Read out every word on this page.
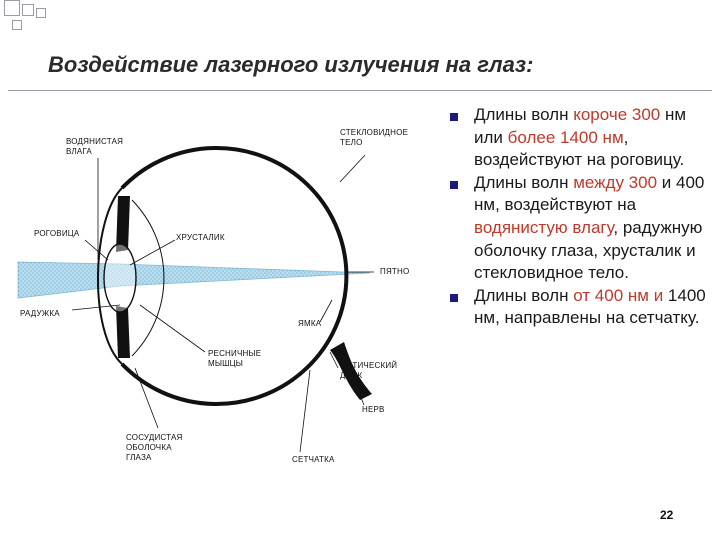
Воздействие лазерного излучения на глаз:
ВОДЯНИСТАЯ
ВЛАГА
СТЕКЛОВИДНОЕ
ТЕЛО
РОГОВИЦА	ХРУСТАЛИК
ПЯТНО
РАДУЖКА
ЯМКА
РЕСНИЧНЫЕ
МЫШЦЫ	ОПТИЧЕСКИЙ
ДИСК
НЕРВ
СОСУДИСТАЯ
ОБОЛОЧКА
ГЛАЗА	СЕТЧАТКА
Длины волн короче 300 нм или более 1400 нм, воздействуют на роговицу.
Длины волн между 300 и 400 нм, воздействуют на водянистую влагу, радужную оболочку глаза, хрусталик и стекловидное тело.
Длины волн от 400 нм и 1400 нм, направлены на сетчатку.
22
